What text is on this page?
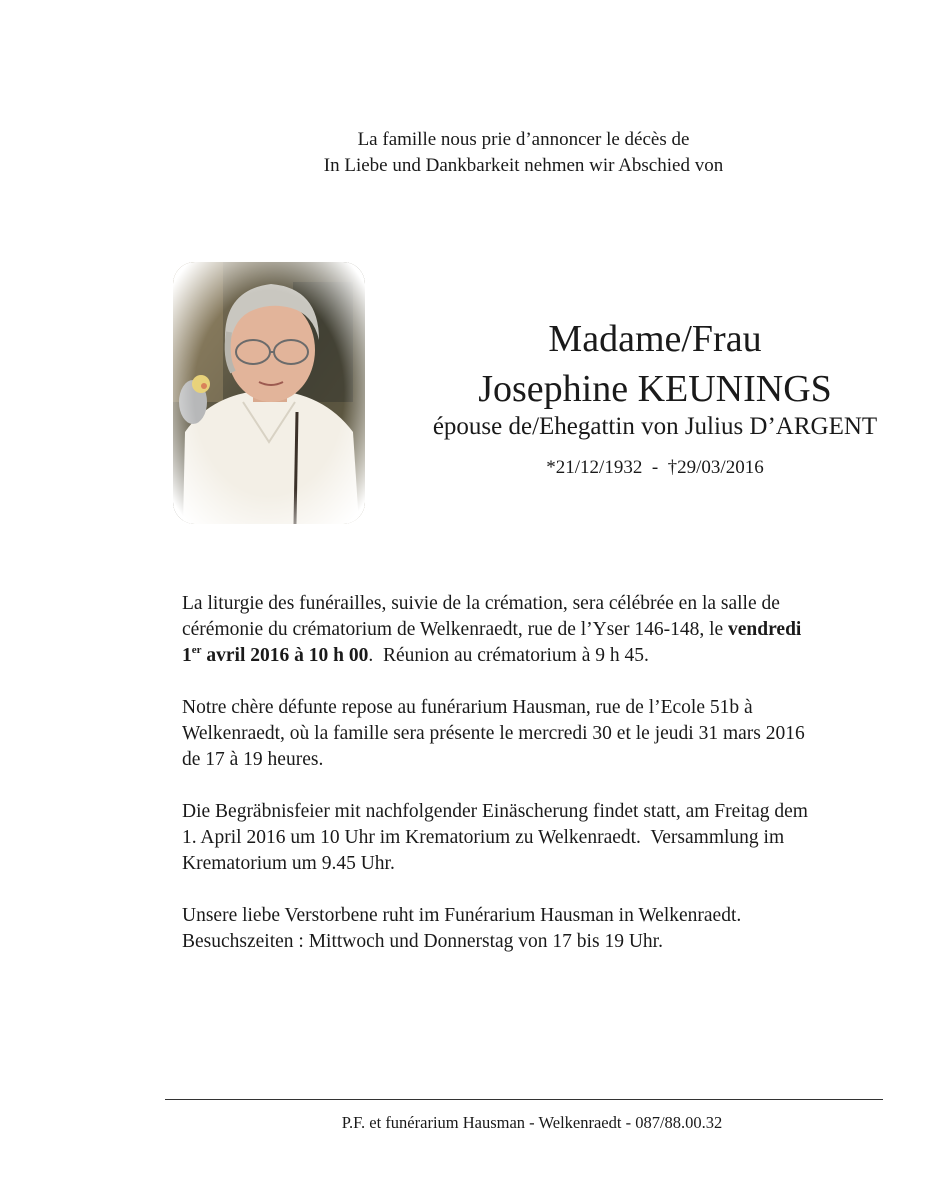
La famille nous prie d’annoncer le décès de
In Liebe und Dankbarkeit nehmen wir Abschied von
Madame/Frau
Josephine KEUNINGS
épouse de/Ehegattin von Julius D’ARGENT
*21/12/1932  -  †29/03/2016

La liturgie des funérailles, suivie de la crémation, sera célébrée en la salle de
cérémonie du crématorium de Welkenraedt, rue de l’Yser 146-148, le vendredi
1er avril 2016 à 10 h 00.  Réunion au crématorium à 9 h 45.

Notre chère défunte repose au funérarium Hausman, rue de l’Ecole 51b à
Welkenraedt, où la famille sera présente le mercredi 30 et le jeudi 31 mars 2016
de 17 à 19 heures.

Die Begräbnisfeier mit nachfolgender Einäscherung findet statt, am Freitag dem
1. April 2016 um 10 Uhr im Krematorium zu Welkenraedt.  Versammlung im
Krematorium um 9.45 Uhr.

Unsere liebe Verstorbene ruht im Funérarium Hausman in Welkenraedt.
Besuchszeiten : Mittwoch und Donnerstag von 17 bis 19 Uhr.

P.F. et funérarium Hausman - Welkenraedt - 087/88.00.32
